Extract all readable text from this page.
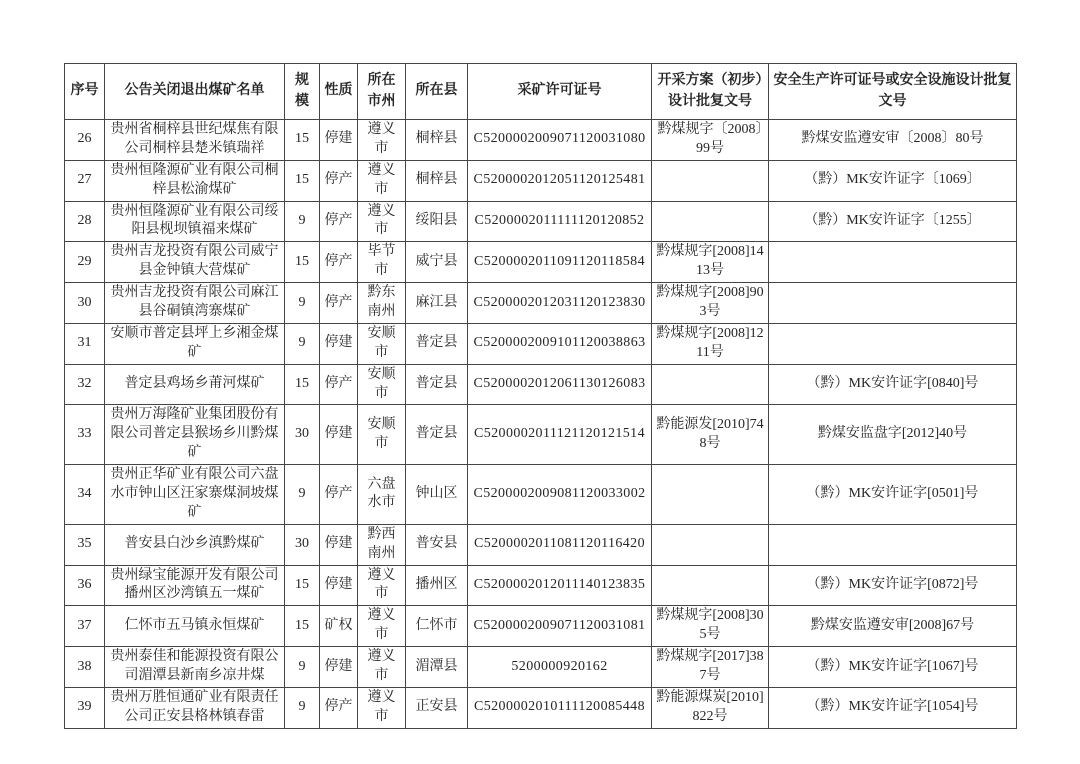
序号	公告关闭退出煤矿名单	规模	性质	所在市州	所在县	采矿许可证号	开采方案（初步）设计批复文号	安全生产许可证号或安全设施设计批复文号
26	贵州省桐梓县世纪煤焦有限公司桐梓县楚米镇瑞祥	15	停建	遵义市	桐梓县	C5200002009071120031080	黔煤规字〔2008〕99号	黔煤安监遵安审〔2008〕80号
27	贵州恒隆源矿业有限公司桐梓县松渝煤矿	15	停产	遵义市	桐梓县	C5200002012051120125481		（黔）MK安许证字〔1069〕
28	贵州恒隆源矿业有限公司绥阳县枧坝镇福来煤矿	9	停产	遵义市	绥阳县	C5200002011111120120852		（黔）MK安许证字〔1255〕
29	贵州吉龙投资有限公司威宁县金钟镇大营煤矿	15	停产	毕节市	威宁县	C5200002011091120118584	黔煤规字[2008]1413号	
30	贵州吉龙投资有限公司麻江县谷硐镇湾寨煤矿	9	停产	黔东南州	麻江县	C5200002012031120123830	黔煤规字[2008]903号	
31	安顺市普定县坪上乡湘金煤矿	9	停建	安顺市	普定县	C5200002009101120038863	黔煤规字[2008]1211号	
32	普定县鸡场乡莆河煤矿	15	停产	安顺市	普定县	C5200002012061130126083		（黔）MK安许证字[0840]号
33	贵州万海隆矿业集团股份有限公司普定县猴场乡川黔煤矿	30	停建	安顺市	普定县	C5200002011121120121514	黔能源发[2010]748号	黔煤安监盘字[2012]40号
34	贵州正华矿业有限公司六盘水市钟山区汪家寨煤洞坡煤矿	9	停产	六盘水市	钟山区	C5200002009081120033002		（黔）MK安许证字[0501]号
35	普安县白沙乡滇黔煤矿	30	停建	黔西南州	普安县	C5200002011081120116420		
36	贵州绿宝能源开发有限公司播州区沙湾镇五一煤矿	15	停建	遵义市	播州区	C5200002012011140123835		（黔）MK安许证字[0872]号
37	仁怀市五马镇永恒煤矿	15	矿权	遵义市	仁怀市	C5200002009071120031081	黔煤规字[2008]305号	黔煤安监遵安审[2008]67号
38	贵州泰佳和能源投资有限公司湄潭县新南乡凉井煤	9	停建	遵义市	湄潭县	5200000920162	黔煤规字[2017]387号	（黔）MK安许证字[1067]号
39	贵州万胜恒通矿业有限责任公司正安县格林镇春雷	9	停产	遵义市	正安县	C5200002010111120085448	黔能源煤炭[2010]822号	（黔）MK安许证字[1054]号
